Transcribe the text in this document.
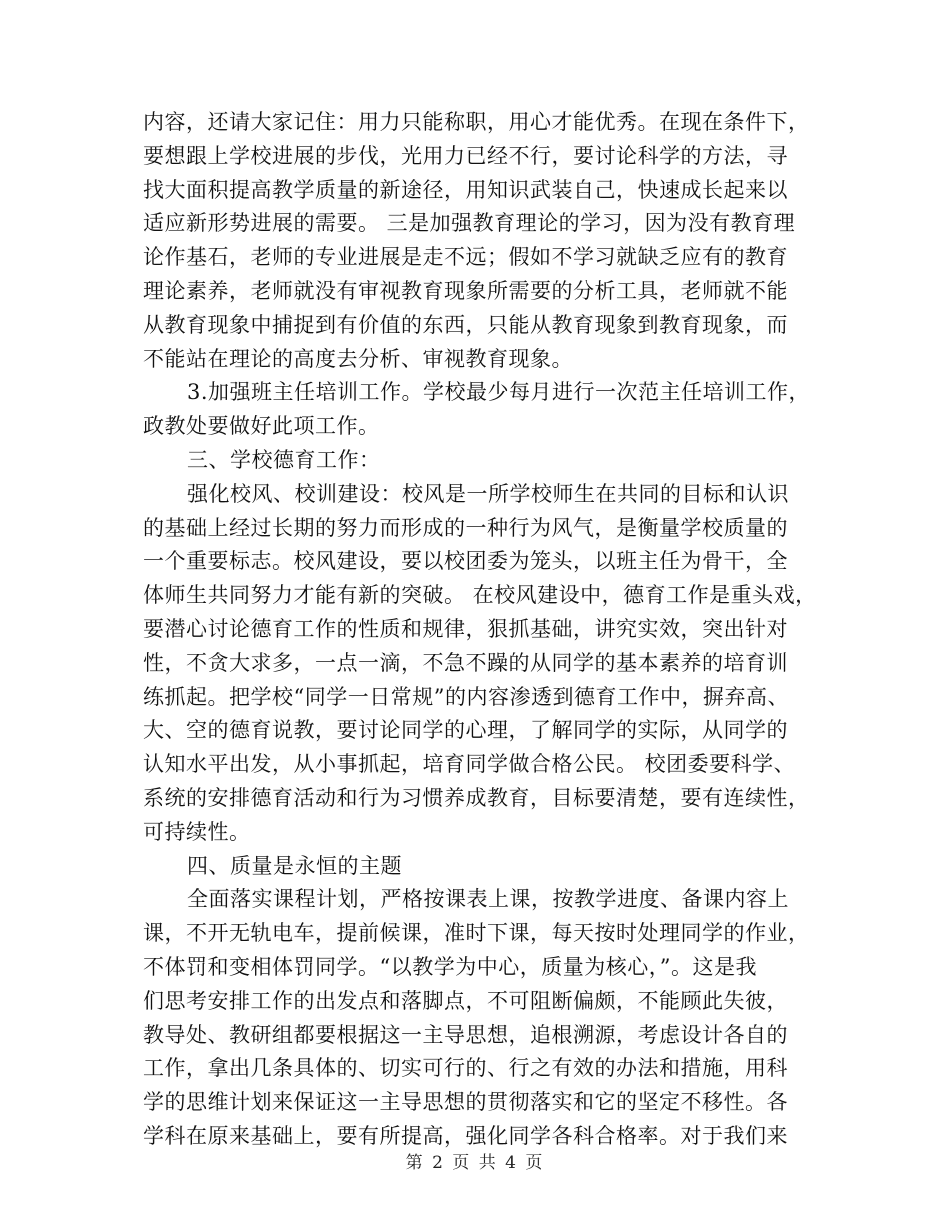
内容，还请大家记住：用力只能称职，用心才能优秀。在现在条件下，
要想跟上学校进展的步伐，光用力已经不行，要讨论科学的方法，寻
找大面积提高教学质量的新途径，用知识武装自己，快速成长起来以
适应新形势进展的需要。 三是加强教育理论的学习，因为没有教育理
论作基石，老师的专业进展是走不远；假如不学习就缺乏应有的教育
理论素养，老师就没有审视教育现象所需要的分析工具，老师就不能
从教育现象中捕捉到有价值的东西，只能从教育现象到教育现象，而
不能站在理论的高度去分析、审视教育现象。
3.加强班主任培训工作。学校最少每月进行一次范主任培训工作，
政教处要做好此项工作。
三、学校德育工作：
强化校风、校训建设：校风是一所学校师生在共同的目标和认识
的基础上经过长期的努力而形成的一种行为风气，是衡量学校质量的
一个重要标志。校风建设，要以校团委为笼头，以班主任为骨干，全
体师生共同努力才能有新的突破。 在校风建设中，德育工作是重头戏，
要潜心讨论德育工作的性质和规律，狠抓基础，讲究实效，突出针对
性，不贪大求多，一点一滴，不急不躁的从同学的基本素养的培育训
练抓起。把学校“同学一日常规”的内容渗透到德育工作中，摒弃高、
大、空的德育说教，要讨论同学的心理，了解同学的实际，从同学的
认知水平出发，从小事抓起，培育同学做合格公民。 校团委要科学、
系统的安排德育活动和行为习惯养成教育，目标要清楚，要有连续性，
可持续性。
四、质量是永恒的主题
全面落实课程计划，严格按课表上课，按教学进度、备课内容上
课，不开无轨电车，提前候课，准时下课，每天按时处理同学的作业，
不体罚和变相体罚同学。“以教学为中心，质量为核心，”。这是我
们思考安排工作的出发点和落脚点，不可阻断偏颇，不能顾此失彼，
教导处、教研组都要根据这一主导思想，追根溯源，考虑设计各自的
工作，拿出几条具体的、切实可行的、行之有效的办法和措施，用科
学的思维计划来保证这一主导思想的贯彻落实和它的坚定不移性。各
学科在原来基础上，要有所提高，强化同学各科合格率。对于我们来
第 2 页 共 4 页
